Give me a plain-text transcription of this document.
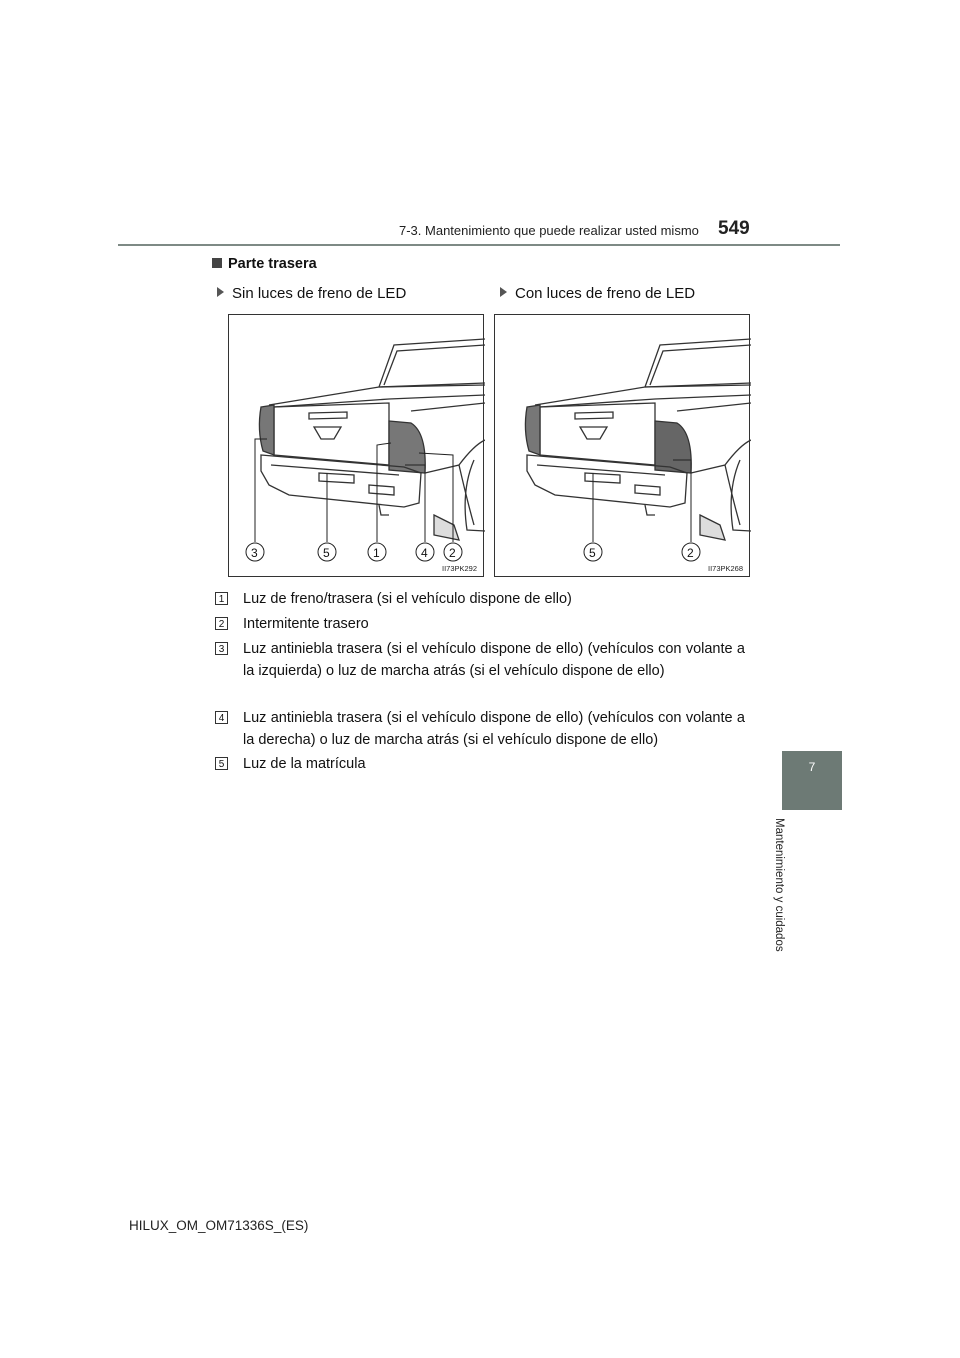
7-3. Mantenimiento que puede realizar usted mismo 549
7
Mantenimiento y cuidados
Parte trasera
Sin luces de freno de LED	Con luces de freno de LED
3	5	1	4 2
II73PK292
5	2
II73PK268
1 Luz de freno/trasera (si el vehículo dispone de ello)
2 Intermitente trasero
3 Luz antiniebla trasera (si el vehículo dispone de ello) (vehículos con volante a la izquierda) o luz de marcha atrás (si el vehículo dispone de ello)
4 Luz antiniebla trasera (si el vehículo dispone de ello) (vehículos con volante a la derecha) o luz de marcha atrás (si el vehículo dispone de ello)
5 Luz de la matrícula
HILUX_OM_OM71336S_(ES)
